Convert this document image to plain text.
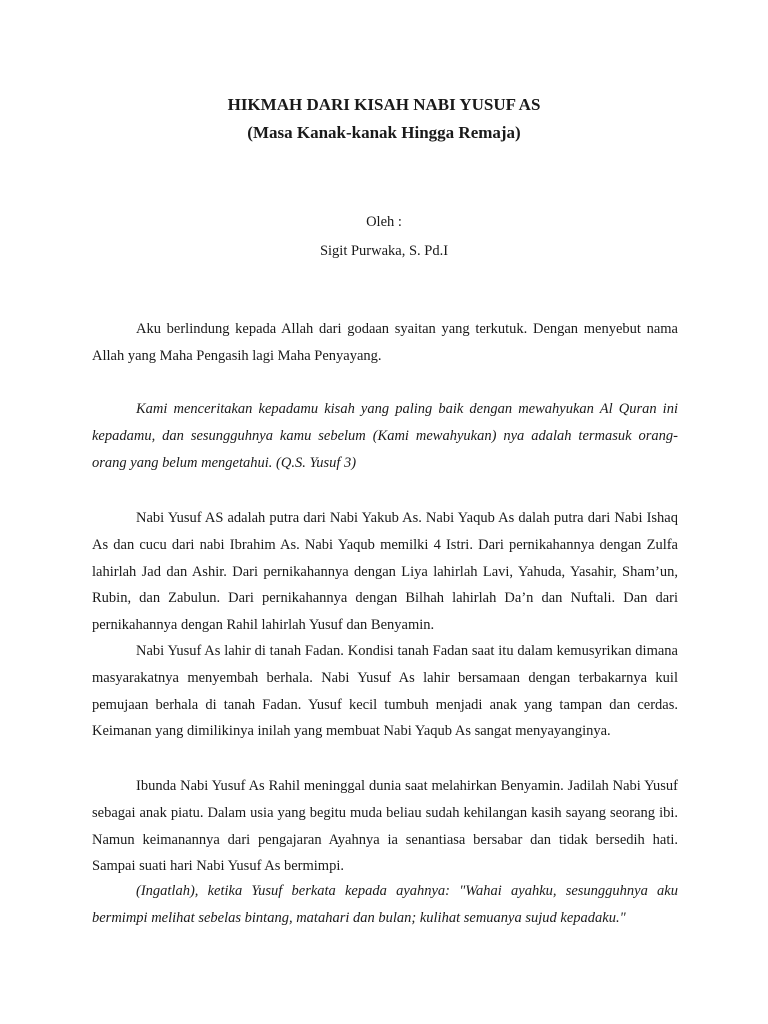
HIKMAH DARI KISAH NABI YUSUF AS
(Masa Kanak-kanak Hingga Remaja)
Oleh :
Sigit Purwaka, S. Pd.I

Aku berlindung kepada Allah dari godaan syaitan yang terkutuk. Dengan menyebut nama Allah yang Maha Pengasih lagi Maha Penyayang.

Kami menceritakan kepadamu kisah yang paling baik dengan mewahyukan Al Quran ini kepadamu, dan sesungguhnya kamu sebelum (Kami mewahyukan) nya adalah termasuk orang-orang yang belum mengetahui. (Q.S. Yusuf 3)

Nabi Yusuf AS adalah putra dari Nabi Yakub As. Nabi Yaqub As dalah putra dari Nabi Ishaq As dan cucu dari nabi Ibrahim As. Nabi Yaqub memilki 4 Istri. Dari pernikahannya dengan Zulfa lahirlah Jad dan Ashir. Dari pernikahannya dengan Liya lahirlah Lavi, Yahuda, Yasahir, Sham’un, Rubin, dan Zabulun. Dari pernikahannya dengan Bilhah lahirlah Da’n dan Nuftali. Dan dari pernikahannya dengan Rahil lahirlah Yusuf dan Benyamin.

Nabi Yusuf As lahir di tanah Fadan. Kondisi tanah Fadan saat itu dalam kemusyrikan dimana masyarakatnya menyembah berhala. Nabi Yusuf As lahir bersamaan dengan terbakarnya kuil pemujaan berhala di tanah Fadan. Yusuf kecil tumbuh menjadi anak yang tampan dan cerdas. Keimanan yang dimilikinya inilah yang membuat Nabi Yaqub As sangat menyayanginya.

Ibunda Nabi Yusuf As Rahil meninggal dunia saat melahirkan Benyamin. Jadilah Nabi Yusuf sebagai anak piatu. Dalam usia yang begitu muda beliau sudah kehilangan kasih sayang seorang ibi. Namun keimanannya dari pengajaran Ayahnya ia senantiasa bersabar dan tidak bersedih hati. Sampai suati hari Nabi Yusuf As bermimpi.

(Ingatlah), ketika Yusuf berkata kepada ayahnya: "Wahai ayahku, sesungguhnya aku bermimpi melihat sebelas bintang, matahari dan bulan; kulihat semuanya sujud kepadaku."
